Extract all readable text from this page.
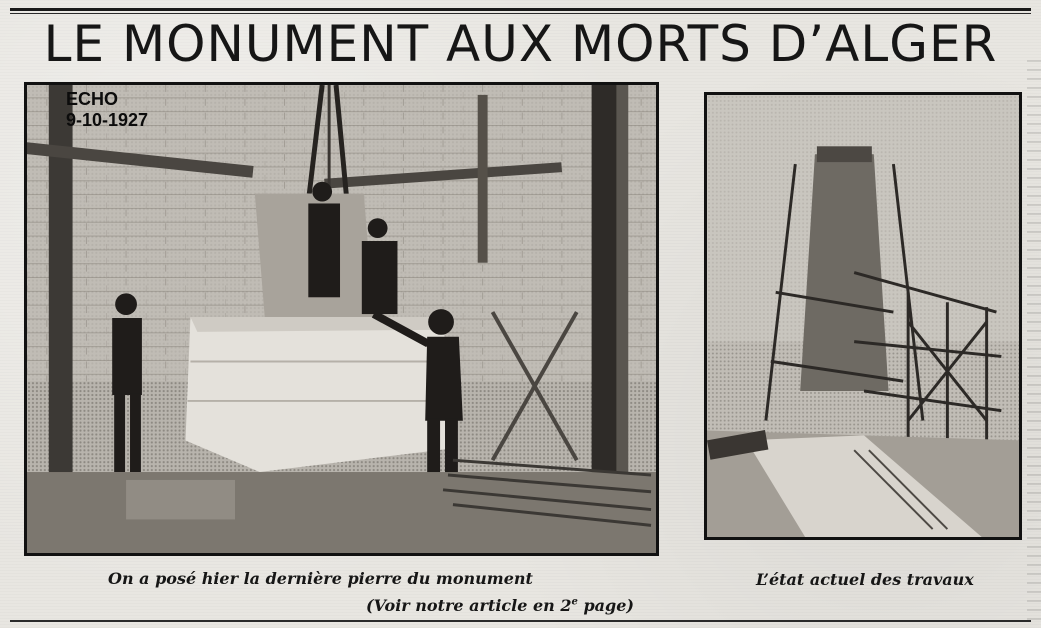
LE MONUMENT AUX MORTS D’ALGER
ECHO
9-10-1927
On a posé hier la dernière pierre du monument
(Voir notre article en 2e page)
L’état actuel des travaux
